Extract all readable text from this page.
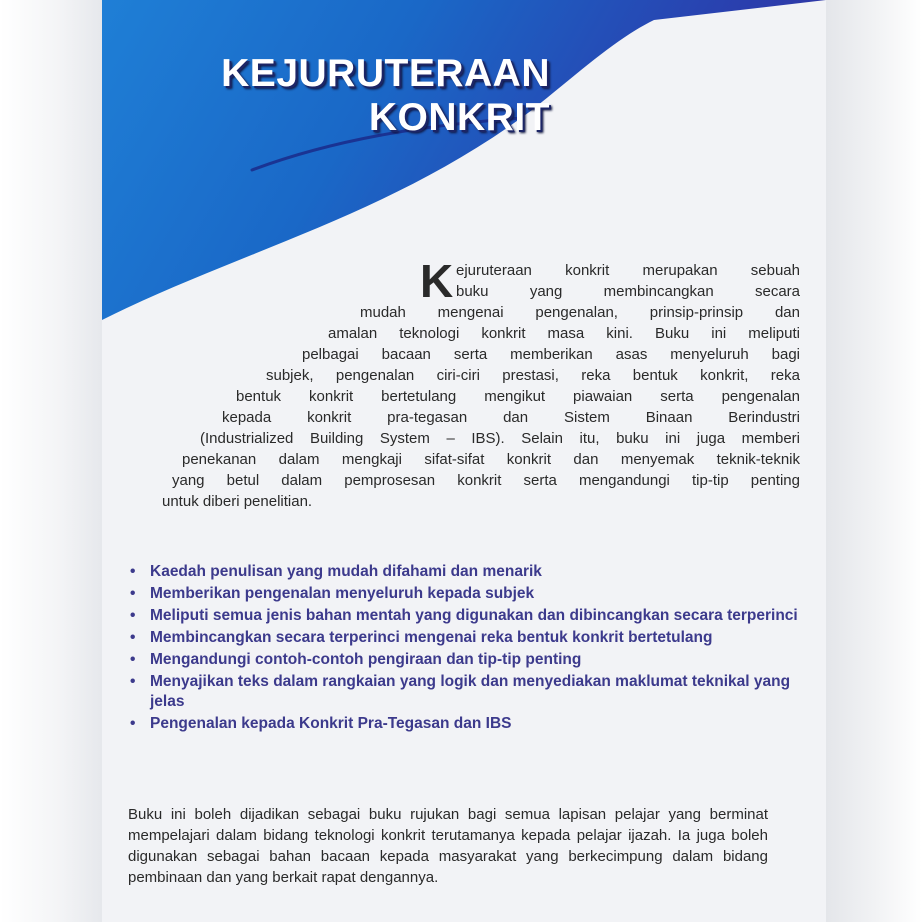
KEJURUTERAAN
KONKRIT
K ejuruteraan konkrit merupakan sebuah
buku yang membincangkan secara
mudah mengenai pengenalan, prinsip-prinsip dan
amalan teknologi konkrit masa kini. Buku ini meliputi
pelbagai bacaan serta memberikan asas menyeluruh bagi
subjek, pengenalan ciri-ciri prestasi, reka bentuk konkrit, reka
bentuk konkrit bertetulang mengikut piawaian serta pengenalan
kepada konkrit pra-tegasan dan Sistem Binaan Berindustri
(Industrialized Building System – IBS). Selain itu, buku ini juga memberi
penekanan dalam mengkaji sifat-sifat konkrit dan menyemak teknik-teknik
yang betul dalam pemprosesan konkrit serta mengandungi tip-tip penting
untuk diberi penelitian.
• Kaedah penulisan yang mudah difahami dan menarik
• Memberikan pengenalan menyeluruh kepada subjek
• Meliputi semua jenis bahan mentah yang digunakan dan dibincangkan secara terperinci
• Membincangkan secara terperinci mengenai reka bentuk konkrit bertetulang
• Mengandungi contoh-contoh pengiraan dan tip-tip penting
• Menyajikan teks dalam rangkaian yang logik dan menyediakan maklumat teknikal yang jelas
• Pengenalan kepada Konkrit Pra-Tegasan dan IBS
Buku ini boleh dijadikan sebagai buku rujukan bagi semua lapisan pelajar yang berminat mempelajari dalam bidang teknologi konkrit terutamanya kepada pelajar ijazah. Ia juga boleh digunakan sebagai bahan bacaan kepada masyarakat yang berkecimpung dalam bidang pembinaan dan yang berkait rapat dengannya.
